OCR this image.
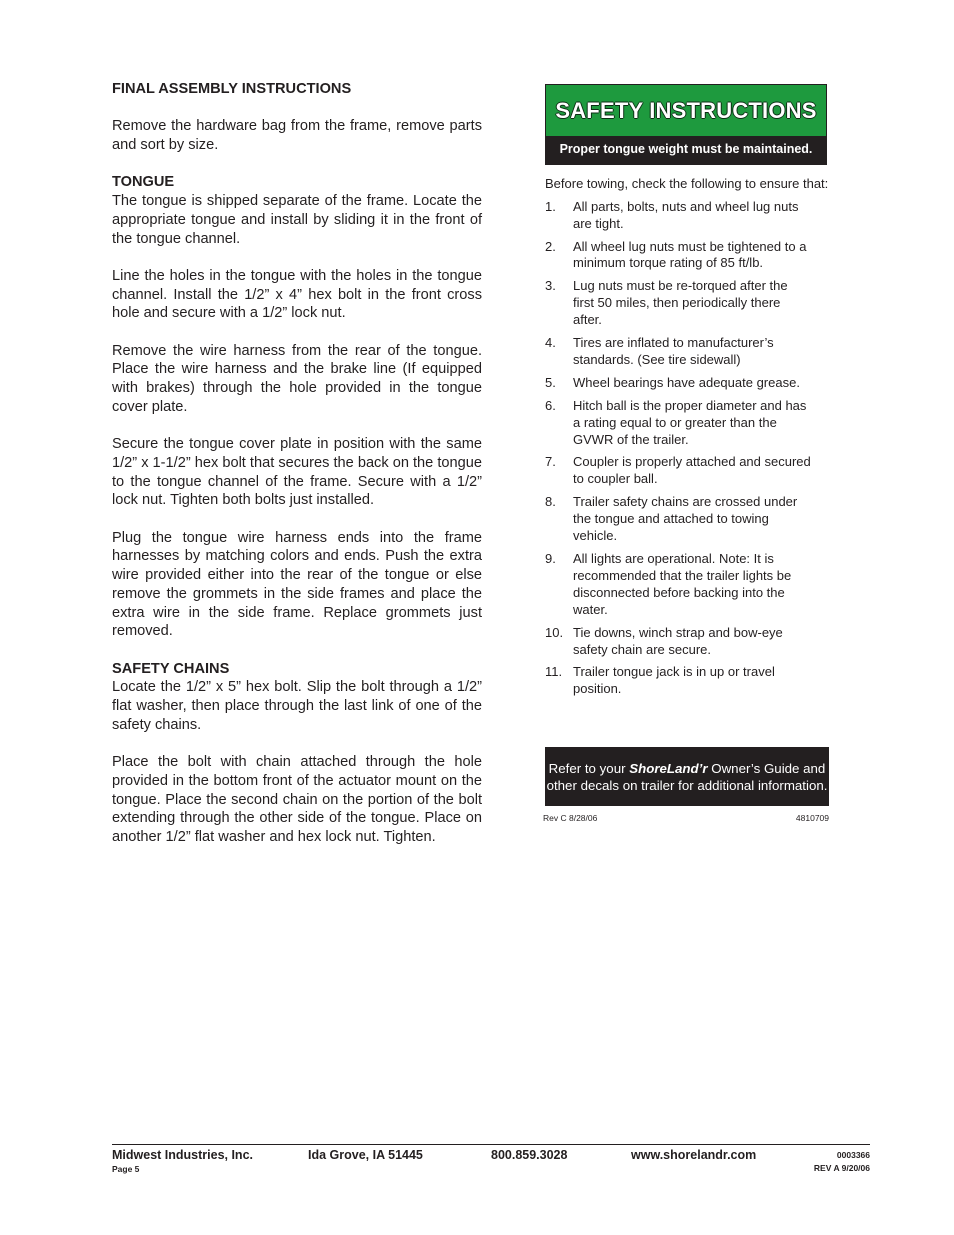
FINAL ASSEMBLY INSTRUCTIONS

Remove the hardware bag from the frame, remove parts and sort by size.

TONGUE

The tongue is shipped separate of the frame. Locate the appropriate tongue and install by sliding it in the front of the tongue channel.

Line the holes in the tongue with the holes in the tongue channel. Install the 1/2” x 4” hex bolt in the front cross hole and secure with a 1/2” lock nut.

Remove the wire harness from the rear of the tongue. Place the wire harness and the brake line (If equipped with brakes) through the hole provided in the tongue cover plate.

Secure the tongue cover plate in position with the same 1/2” x 1-1/2” hex bolt that secures the back on the tongue to the tongue channel of the frame. Secure with a 1/2” lock nut. Tighten both bolts just installed.

Plug the tongue wire harness ends into the frame harnesses by matching colors and ends. Push the extra wire provided either into the rear of the tongue or else remove the grommets in the side frames and place the extra wire in the side frame. Replace grommets just removed.

SAFETY CHAINS

Locate the 1/2” x 5” hex bolt. Slip the bolt through a 1/2” flat washer, then place through the last link of one of the safety chains.

Place the bolt with chain attached through the hole provided in the bottom front of the actuator mount on the tongue. Place the second chain on the portion of the bolt extending through the other side of the tongue. Place on another 1/2” flat washer and hex lock nut. Tighten.

SAFETY INSTRUCTIONS
Proper tongue weight must be maintained.
Before towing, check the following to ensure that:
1. All parts, bolts, nuts and wheel lug nuts are tight.
2. All wheel lug nuts must be tightened to a minimum torque rating of 85 ft/lb.
3. Lug nuts must be re-torqued after the first 50 miles, then periodically there after.
4. Tires are inflated to manufacturer’s standards. (See tire sidewall)
5. Wheel bearings have adequate grease.
6. Hitch ball is the proper diameter and has a rating equal to or greater than the GVWR of the trailer.
7. Coupler is properly attached and secured to coupler ball.
8. Trailer safety chains are crossed under the tongue and attached to towing vehicle.
9. All lights are operational. Note: It is recommended that the trailer lights be disconnected before backing into the water.
10. Tie downs, winch strap and bow-eye safety chain are secure.
11. Trailer tongue jack is in up or travel position.
Refer to your ShoreLand’r Owner’s Guide and other decals on trailer for additional information.
Rev C 8/28/06	4810709
Midwest Industries, Inc.	Ida Grove, IA 51445	800.859.3028	www.shorelandr.com
Page 5
0003366
REV A 9/20/06
